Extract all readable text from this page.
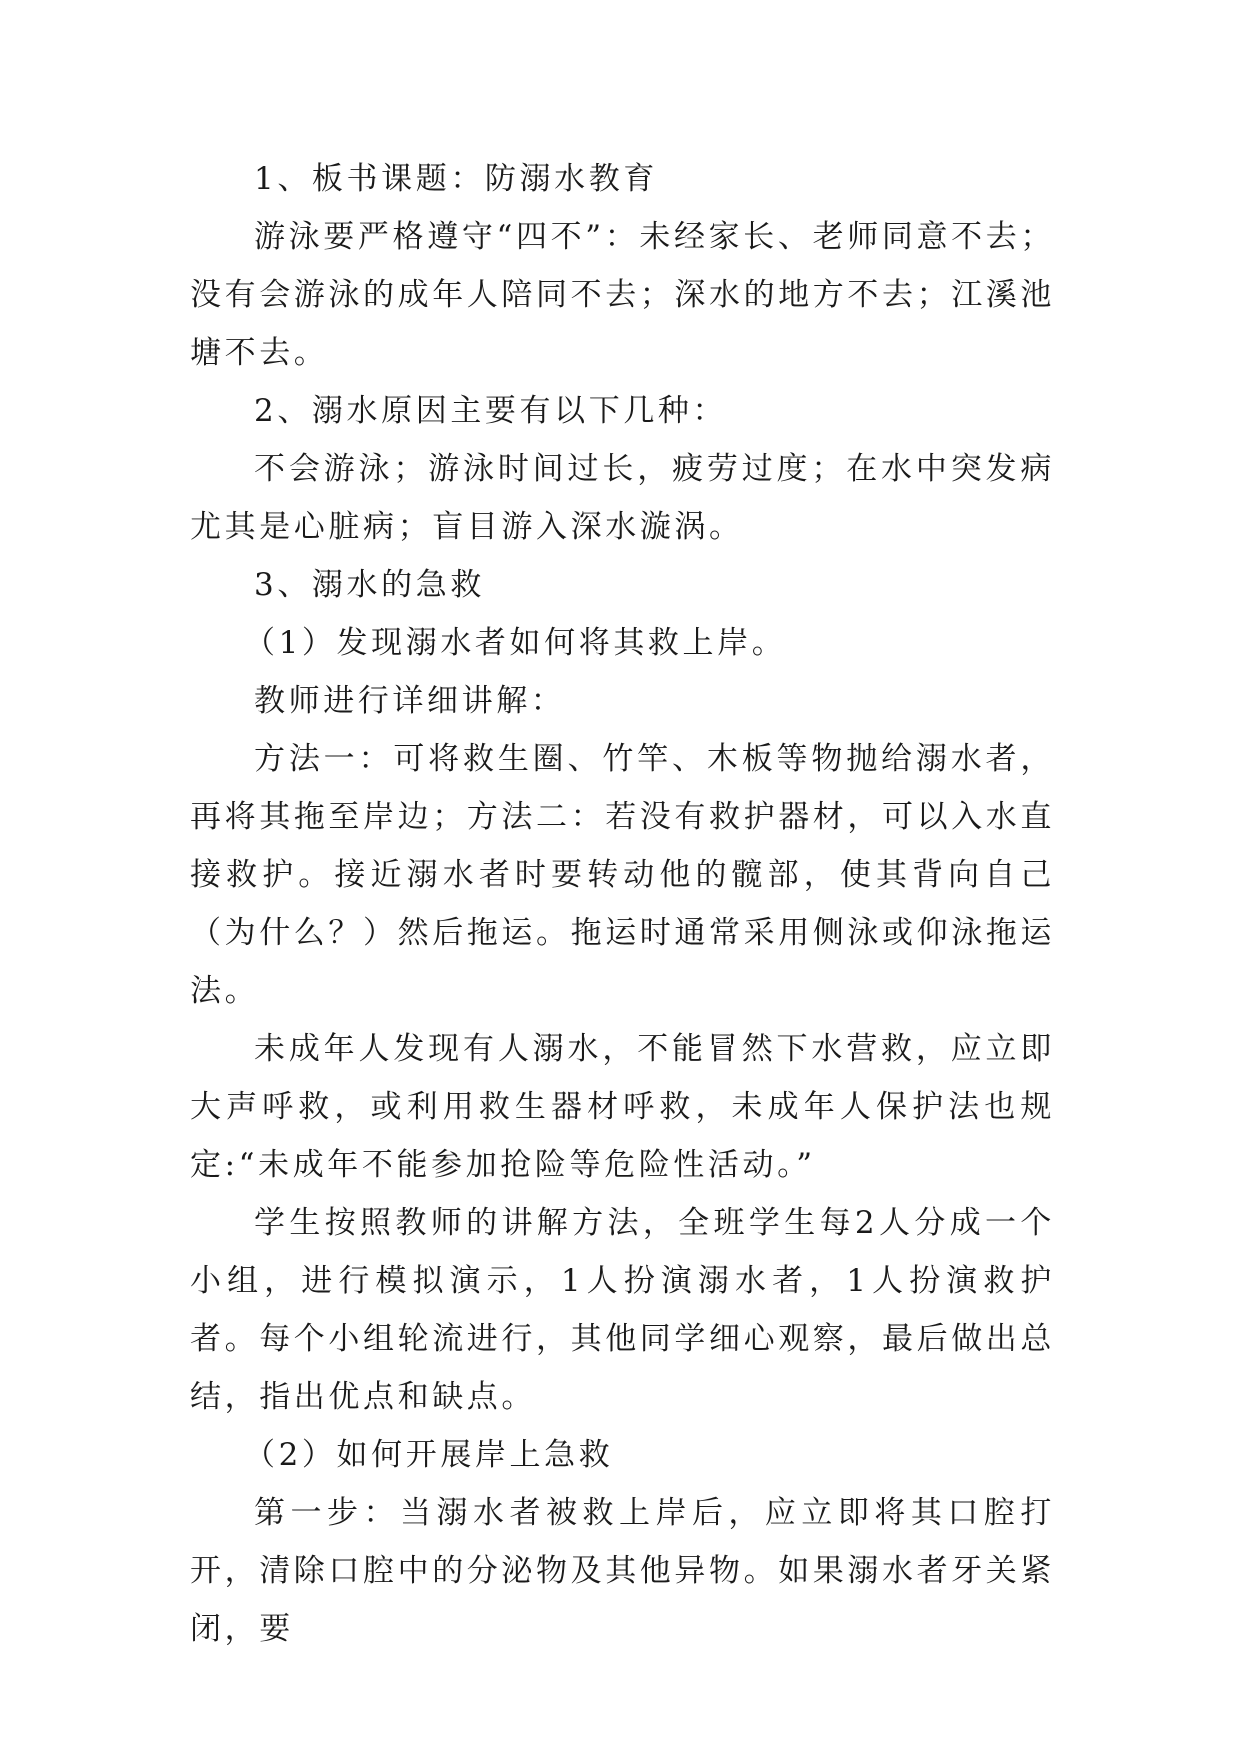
1、板书课题：防溺水教育

游泳要严格遵守“四不”：未经家长、老师同意不去；没有会游泳的成年人陪同不去；深水的地方不去；江溪池塘不去。

2、溺水原因主要有以下几种：

不会游泳；游泳时间过长，疲劳过度；在水中突发病尤其是心脏病；盲目游入深水漩涡。

3、溺水的急救

（1）发现溺水者如何将其救上岸。

教师进行详细讲解：

方法一：可将救生圈、竹竿、木板等物抛给溺水者，再将其拖至岸边；方法二：若没有救护器材，可以入水直接救护。接近溺水者时要转动他的髋部，使其背向自己（为什么？）然后拖运。拖运时通常采用侧泳或仰泳拖运法。

未成年人发现有人溺水，不能冒然下水营救，应立即大声呼救，或利用救生器材呼救，未成年人保护法也规定:“未成年不能参加抢险等危险性活动。”

学生按照教师的讲解方法，全班学生每2人分成一个小组，进行模拟演示，1人扮演溺水者，1人扮演救护者。每个小组轮流进行，其他同学细心观察，最后做出总结，指出优点和缺点。

（2）如何开展岸上急救

第一步：当溺水者被救上岸后，应立即将其口腔打开，清除口腔中的分泌物及其他异物。如果溺水者牙关紧闭，要
